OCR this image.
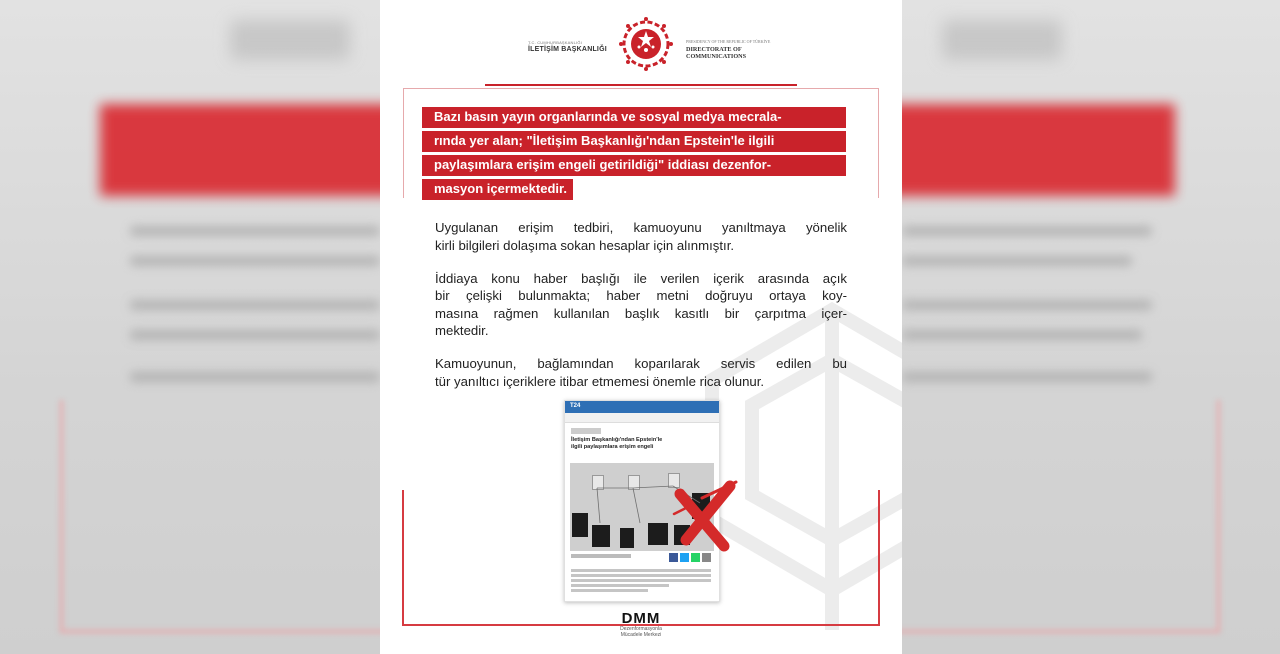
T.C. CUMHURBAŞKANLIĞI
İLETİŞİM BAŞKANLIĞI
PRESIDENCY OF THE REPUBLIC OF TÜRKİYE
DIRECTORATE OF
COMMUNICATIONS
Bazı basın yayın organlarında ve sosyal medya mecrala-
rında yer alan; "İletişim Başkanlığı'ndan Epstein'le ilgili
paylaşımlara erişim engeli getirildiği" iddiası dezenfor-
masyon içermektedir.
Uygulanan erişim tedbiri, kamuoyunu yanıltmaya yönelik
kirli bilgileri dolaşıma sokan hesaplar için alınmıştır.
İddiaya konu haber başlığı ile verilen içerik arasında açık
bir çelişki bulunmakta; haber metni doğruyu ortaya koy-
masına rağmen kullanılan başlık kasıtlı bir çarpıtma içer-
mektedir.
Kamuoyunun, bağlamından koparılarak servis edilen bu
tür yanıltıcı içeriklere itibar etmemesi önemle rica olunur.
T24
İletişim Başkanlığı'ndan Epstein'le
ilgili paylaşımlara erişim engeli
DMM
Dezenformasyonla Mücadele Merkezi
